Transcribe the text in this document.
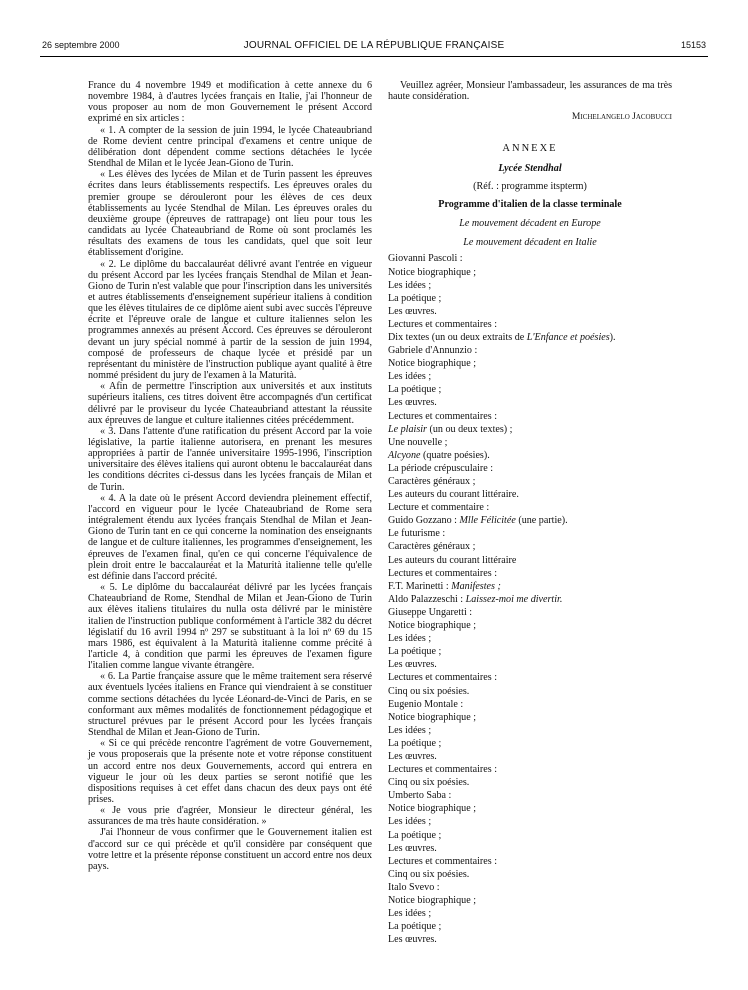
26 septembre 2000	JOURNAL OFFICIEL DE LA RÉPUBLIQUE FRANÇAISE	15153

France du 4 novembre 1949 et modification à cette annexe du 6 novembre 1984, à d'autres lycées français en Italie, j'ai l'honneur de vous proposer au nom de mon Gouvernement le présent Accord exprimé en six articles :

« 1. A compter de la session de juin 1994, le lycée Chateaubriand de Rome devient centre principal d'examens et centre unique de délibération dont dépendent comme sections détachées le lycée Stendhal de Milan et le lycée Jean-Giono de Turin.

« Les élèves des lycées de Milan et de Turin passent les épreuves écrites dans leurs établissements respectifs. Les épreuves orales du premier groupe se dérouleront pour les élèves de ces deux établissements au lycée Stendhal de Milan. Les épreuves orales du deuxième groupe (épreuves de rattrapage) ont lieu pour tous les candidats au lycée Chateaubriand de Rome où sont proclamés les résultats des examens de tous les candidats, quel que soit leur établissement d'origine.

« 2. Le diplôme du baccalauréat délivré avant l'entrée en vigueur du présent Accord par les lycées français Stendhal de Milan et Jean-Giono de Turin n'est valable que pour l'inscription dans les universités et autres établissements d'enseignement supérieur italiens à condition que les élèves titulaires de ce diplôme aient subi avec succès l'épreuve écrite et l'épreuve orale de langue et culture italiennes selon les programmes annexés au présent Accord. Ces épreuves se dérouleront devant un jury spécial nommé à partir de la session de juin 1994, composé de professeurs de chaque lycée et présidé par un représentant du ministère de l'instruction publique ayant qualité à être nommé président du jury de l'examen à la Maturità.

« Afin de permettre l'inscription aux universités et aux instituts supérieurs italiens, ces titres doivent être accompagnés d'un certificat délivré par le proviseur du lycée Chateaubriand attestant la réussite aux épreuves de langue et culture italiennes citées précédemment.

« 3. Dans l'attente d'une ratification du présent Accord par la voie législative, la partie italienne autorisera, en prenant les mesures appropriées à partir de l'année universitaire 1995-1996, l'inscription universitaire des élèves italiens qui auront obtenu le baccalauréat dans les conditions décrites ci-dessus dans les lycées français de Milan et de Turin.

« 4. A la date où le présent Accord deviendra pleinement effectif, l'accord en vigueur pour le lycée Chateaubriand de Rome sera intégralement étendu aux lycées français Stendhal de Milan et Jean-Giono de Turin tant en ce qui concerne la nomination des enseignants de langue et de culture italiennes, les programmes d'enseignement, les épreuves de l'examen final, qu'en ce qui concerne l'équivalence de plein droit entre le baccalauréat et la Maturità italienne telle qu'elle est définie dans l'accord précité.

« 5. Le diplôme du baccalauréat délivré par les lycées français Chateaubriand de Rome, Stendhal de Milan et Jean-Giono de Turin aux élèves italiens titulaires du nulla osta délivré par le ministère italien de l'instruction publique conformément à l'article 382 du décret législatif du 16 avril 1994 nº 297 se substituant à la loi nº 69 du 15 mars 1986, est équivalent à la Maturità italienne comme précité à l'article 4, à condition que parmi les épreuves de l'examen figure l'italien comme langue vivante étrangère.

« 6. La Partie française assure que le même traitement sera réservé aux éventuels lycées italiens en France qui viendraient à se constituer comme sections détachées du lycée Léonard-de-Vinci de Paris, en se conformant aux mêmes modalités de fonctionnement pédagogique et structurel prévues par le présent Accord pour les lycées français Stendhal de Milan et Jean-Giono de Turin.

« Si ce qui précède rencontre l'agrément de votre Gouvernement, je vous proposerais que la présente note et votre réponse constituent un accord entre nos deux Gouvernements, accord qui entrera en vigueur le jour où les deux parties se seront notifié que les dispositions requises à cet effet dans chacun des deux pays ont été prises.

« Je vous prie d'agréer, Monsieur le directeur général, les assurances de ma très haute considération. »

J'ai l'honneur de vous confirmer que le Gouvernement italien est d'accord sur ce qui précède et qu'il considère par conséquent que votre lettre et la présente réponse constituent un accord entre nos deux pays.

Veuillez agréer, Monsieur l'ambassadeur, les assurances de ma très haute considération.

Michelangelo Jacobucci
ANNEXE
Lycée Stendhal
(Réf. : programme itspterm)
Programme d'italien de la classe terminale
Le mouvement décadent en Europe
Le mouvement décadent en Italie
Giovanni Pascoli :
Notice biographique ;
Les idées ;
La poétique ;
Les œuvres.
Lectures et commentaires :
Dix textes (un ou deux extraits de L'Enfance et poésies).
Gabriele d'Annunzio :
Notice biographique ;
Les idées ;
La poétique ;
Les œuvres.
Lectures et commentaires :
Le plaisir (un ou deux textes) ;
Une nouvelle ;
Alcyone (quatre poésies).
La période crépusculaire :
Caractères généraux ;
Les auteurs du courant littéraire.
Lecture et commentaire :
Guido Gozzano : Mlle Félicitée (une partie).
Le futurisme :
Caractères généraux ;
Les auteurs du courant littéraire
Lectures et commentaires :
F.T. Marinetti : Manifestes ;
Aldo Palazzeschi : Laissez-moi me divertir.
Giuseppe Ungaretti :
Notice biographique ;
Les idées ;
La poétique ;
Les œuvres.
Lectures et commentaires :
Cinq ou six poésies.
Eugenio Montale :
Notice biographique ;
Les idées ;
La poétique ;
Les œuvres.
Lectures et commentaires :
Cinq ou six poésies.
Umberto Saba :
Notice biographique ;
Les idées ;
La poétique ;
Les œuvres.
Lectures et commentaires :
Cinq ou six poésies.
Italo Svevo :
Notice biographique ;
Les idées ;
La poétique ;
Les œuvres.
